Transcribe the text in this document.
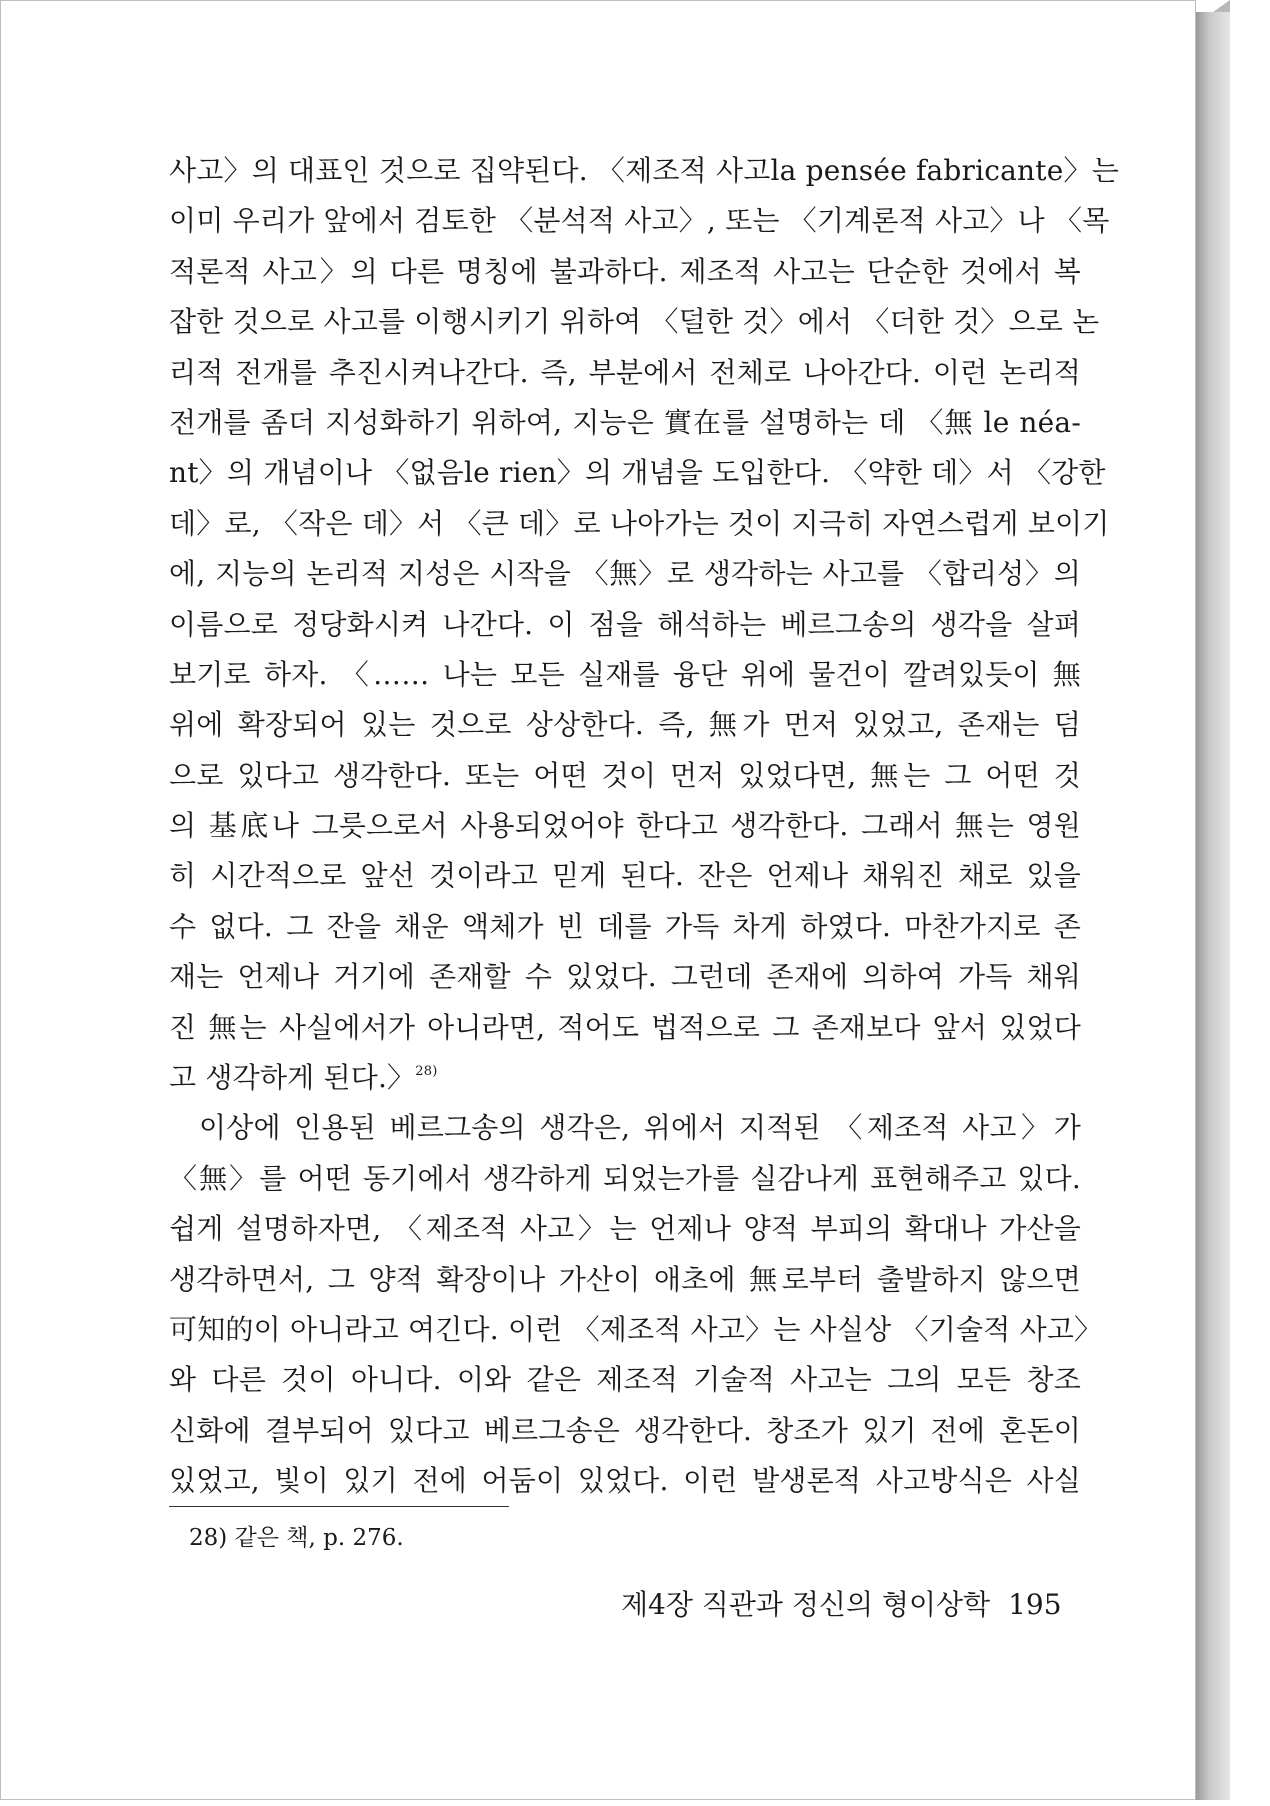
사고〉의 대표인 것으로 집약된다. 〈제조적 사고la pensée fabricante〉는
이미 우리가 앞에서 검토한 〈분석적 사고〉, 또는 〈기계론적 사고〉나 〈목
적론적 사고〉의 다른 명칭에 불과하다. 제조적 사고는 단순한 것에서 복
잡한 것으로 사고를 이행시키기 위하여 〈덜한 것〉에서 〈더한 것〉으로 논
리적 전개를 추진시켜나간다. 즉, 부분에서 전체로 나아간다. 이런 논리적
전개를 좀더 지성화하기 위하여, 지능은 實在를 설명하는 데 〈無 le néa-
nt〉의 개념이나 〈없음le rien〉의 개념을 도입한다. 〈약한 데〉서 〈강한
데〉로, 〈작은 데〉서 〈큰 데〉로 나아가는 것이 지극히 자연스럽게 보이기
에, 지능의 논리적 지성은 시작을 〈無〉로 생각하는 사고를 〈합리성〉의
이름으로 정당화시켜 나간다. 이 점을 해석하는 베르그송의 생각을 살펴
보기로 하자. 〈…… 나는 모든 실재를 융단 위에 물건이 깔려있듯이 無
위에 확장되어 있는 것으로 상상한다. 즉, 無가 먼저 있었고, 존재는 덤
으로 있다고 생각한다. 또는 어떤 것이 먼저 있었다면, 無는 그 어떤 것
의 基底나 그릇으로서 사용되었어야 한다고 생각한다. 그래서 無는 영원
히 시간적으로 앞선 것이라고 믿게 된다. 잔은 언제나 채워진 채로 있을
수 없다. 그 잔을 채운 액체가 빈 데를 가득 차게 하였다. 마찬가지로 존
재는 언제나 거기에 존재할 수 있었다. 그런데 존재에 의하여 가득 채워
진 無는 사실에서가 아니라면, 적어도 법적으로 그 존재보다 앞서 있었다
고 생각하게 된다.〉$^{28)}$
이상에 인용된 베르그송의 생각은, 위에서 지적된 〈제조적 사고〉가
〈無〉를 어떤 동기에서 생각하게 되었는가를 실감나게 표현해주고 있다.
쉽게 설명하자면, 〈제조적 사고〉는 언제나 양적 부피의 확대나 가산을
생각하면서, 그 양적 확장이나 가산이 애초에 無로부터 출발하지 않으면
可知的이 아니라고 여긴다. 이런 〈제조적 사고〉는 사실상 〈기술적 사고〉
와 다른 것이 아니다. 이와 같은 제조적 기술적 사고는 그의 모든 창조
신화에 결부되어 있다고 베르그송은 생각한다. 창조가 있기 전에 혼돈이
있었고, 빛이 있기 전에 어둠이 있었다. 이런 발생론적 사고방식은 사실
28) 같은 책, p. 276.
제4장 직관과 정신의 형이상학 195
